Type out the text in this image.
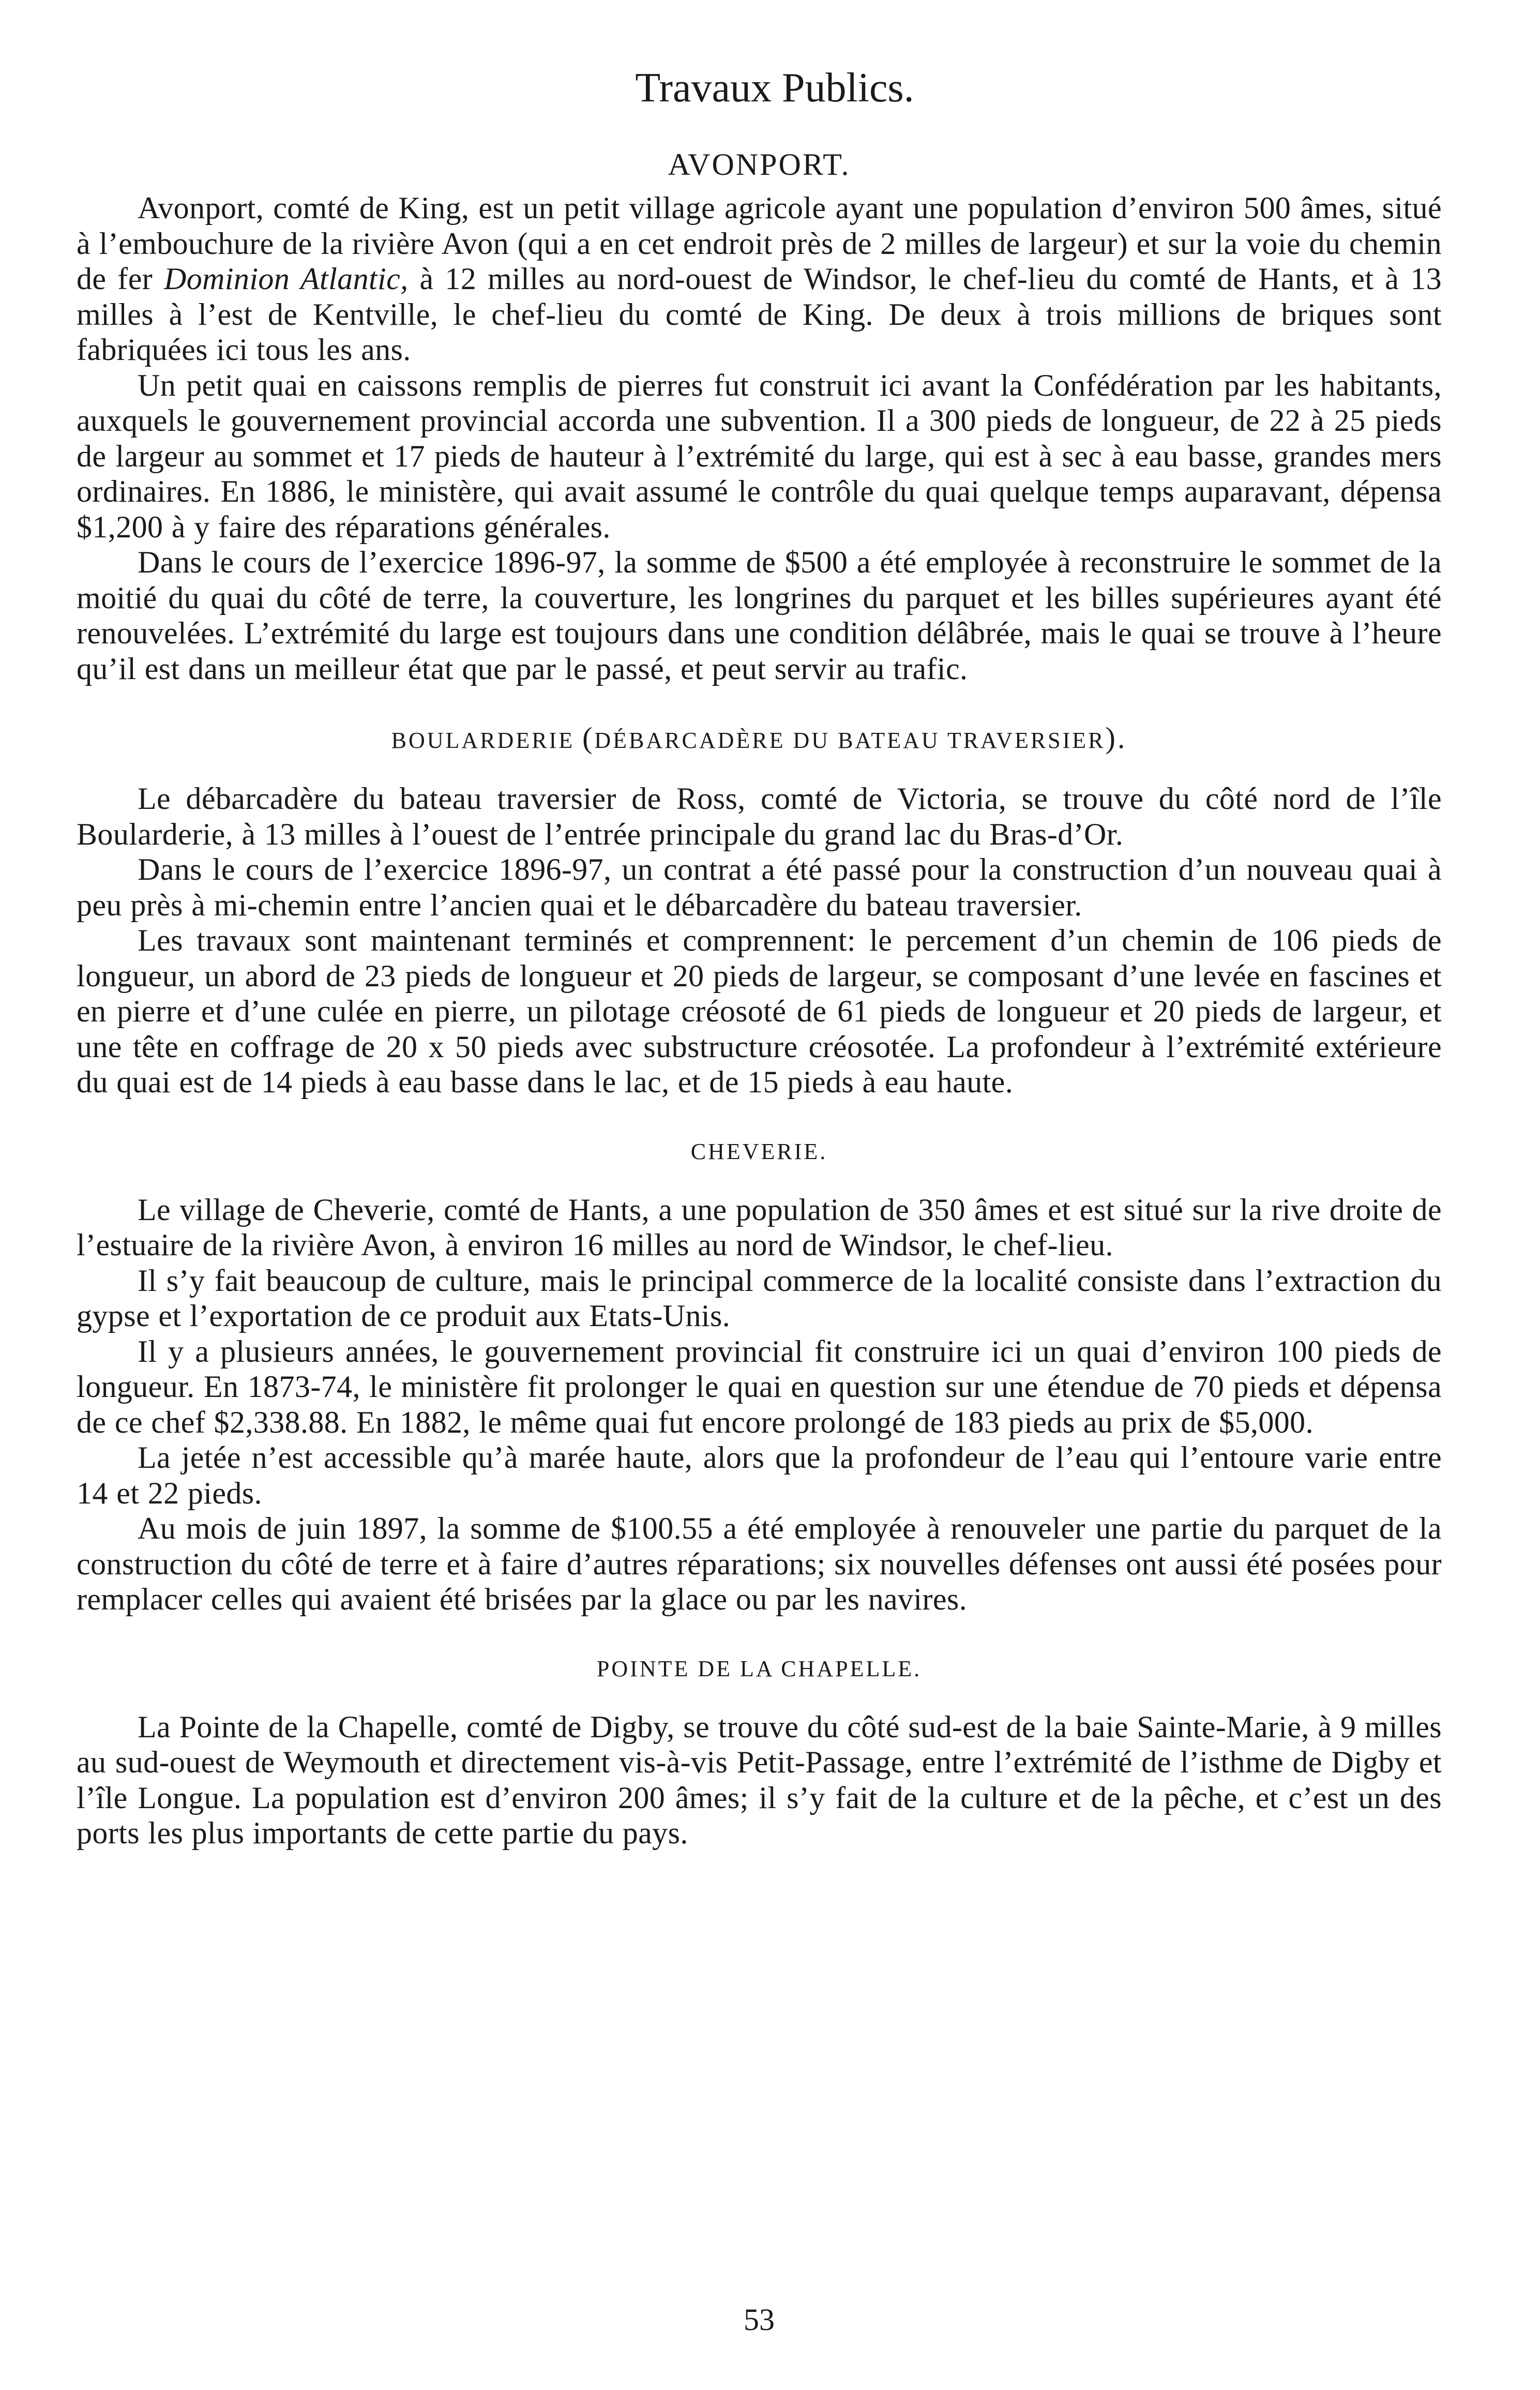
Travaux Publics.
AVONPORT.

Avonport, comté de King, est un petit village agricole ayant une population d’environ 500 âmes, situé à l’embouchure de la rivière Avon (qui a en cet endroit près de 2 milles de largeur) et sur la voie du chemin de fer Dominion Atlantic, à 12 milles au nord-ouest de Windsor, le chef-lieu du comté de Hants, et à 13 milles à l’est de Kentville, le chef-lieu du comté de King. De deux à trois millions de briques sont fabriquées ici tous les ans.

Un petit quai en caissons remplis de pierres fut construit ici avant la Confédération par les habitants, auxquels le gouvernement provincial accorda une subvention. Il a 300 pieds de longueur, de 22 à 25 pieds de largeur au sommet et 17 pieds de hauteur à l’extrémité du large, qui est à sec à eau basse, grandes mers ordinaires. En 1886, le ministère, qui avait assumé le contrôle du quai quelque temps auparavant, dépensa $1,200 à y faire des réparations générales.

Dans le cours de l’exercice 1896-97, la somme de $500 a été employée à reconstruire le sommet de la moitié du quai du côté de terre, la couverture, les longrines du parquet et les billes supérieures ayant été renouvelées. L’extrémité du large est toujours dans une condition délâbrée, mais le quai se trouve à l’heure qu’il est dans un meilleur état que par le passé, et peut servir au trafic.

BOULARDERIE (DÉBARCADÈRE DU BATEAU TRAVERSIER).

Le débarcadère du bateau traversier de Ross, comté de Victoria, se trouve du côté nord de l’île Boularderie, à 13 milles à l’ouest de l’entrée principale du grand lac du Bras-d’Or.

Dans le cours de l’exercice 1896-97, un contrat a été passé pour la construction d’un nouveau quai à peu près à mi-chemin entre l’ancien quai et le débarcadère du bateau traversier.

Les travaux sont maintenant terminés et comprennent: le percement d’un chemin de 106 pieds de longueur, un abord de 23 pieds de longueur et 20 pieds de largeur, se composant d’une levée en fascines et en pierre et d’une culée en pierre, un pilotage créosoté de 61 pieds de longueur et 20 pieds de largeur, et une tête en coffrage de 20 x 50 pieds avec substructure créosotée. La profondeur à l’extrémité extérieure du quai est de 14 pieds à eau basse dans le lac, et de 15 pieds à eau haute.

CHEVERIE.

Le village de Cheverie, comté de Hants, a une population de 350 âmes et est situé sur la rive droite de l’estuaire de la rivière Avon, à environ 16 milles au nord de Windsor, le chef-lieu.

Il s’y fait beaucoup de culture, mais le principal commerce de la localité consiste dans l’extraction du gypse et l’exportation de ce produit aux Etats-Unis.

Il y a plusieurs années, le gouvernement provincial fit construire ici un quai d’environ 100 pieds de longueur. En 1873-74, le ministère fit prolonger le quai en question sur une étendue de 70 pieds et dépensa de ce chef $2,338.88. En 1882, le même quai fut encore prolongé de 183 pieds au prix de $5,000.

La jetée n’est accessible qu’à marée haute, alors que la profondeur de l’eau qui l’entoure varie entre 14 et 22 pieds.

Au mois de juin 1897, la somme de $100.55 a été employée à renouveler une partie du parquet de la construction du côté de terre et à faire d’autres réparations; six nouvelles défenses ont aussi été posées pour remplacer celles qui avaient été brisées par la glace ou par les navires.

POINTE DE LA CHAPELLE.

La Pointe de la Chapelle, comté de Digby, se trouve du côté sud-est de la baie Sainte-Marie, à 9 milles au sud-ouest de Weymouth et directement vis-à-vis Petit-Passage, entre l’extrémité de l’isthme de Digby et l’île Longue. La population est d’environ 200 âmes; il s’y fait de la culture et de la pêche, et c’est un des ports les plus importants de cette partie du pays.

53
